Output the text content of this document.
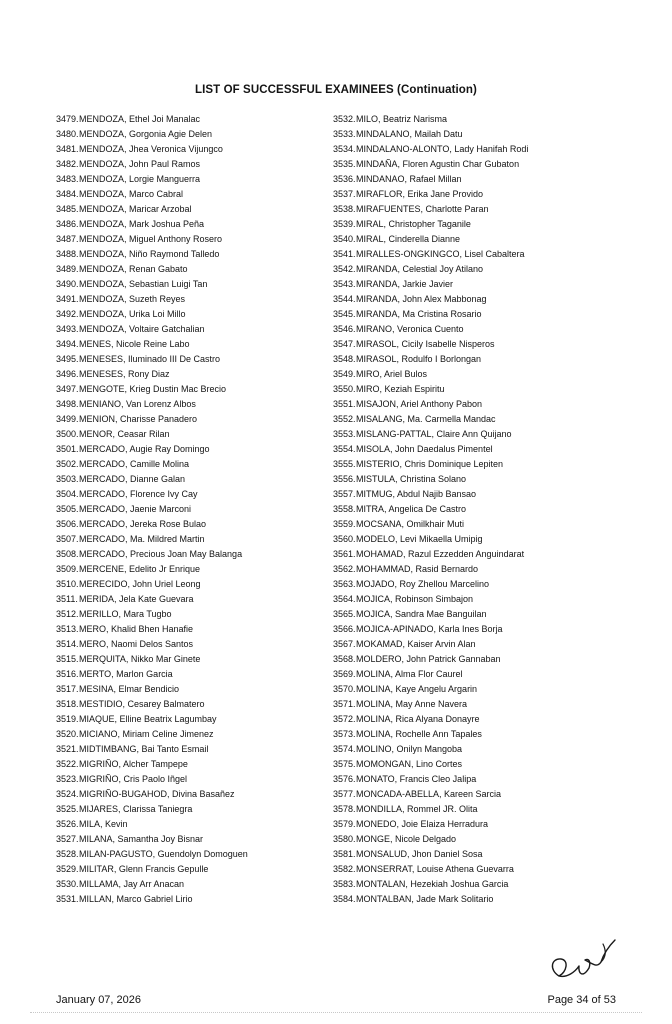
LIST OF SUCCESSFUL EXAMINEES (Continuation)
3479. MENDOZA, Ethel Joi Manalac
3480. MENDOZA, Gorgonia Agie Delen
3481. MENDOZA, Jhea Veronica Vijungco
3482. MENDOZA, John Paul Ramos
3483. MENDOZA, Lorgie Manguerra
3484. MENDOZA, Marco Cabral
3485. MENDOZA, Maricar Arzobal
3486. MENDOZA, Mark Joshua Peña
3487. MENDOZA, Miguel Anthony Rosero
3488. MENDOZA, Niño Raymond Talledo
3489. MENDOZA, Renan Gabato
3490. MENDOZA, Sebastian Luigi Tan
3491. MENDOZA, Suzeth Reyes
3492. MENDOZA, Urika Loi Millo
3493. MENDOZA, Voltaire Gatchalian
3494. MENES, Nicole Reine Labo
3495. MENESES, Iluminado III De Castro
3496. MENESES, Rony Diaz
3497. MENGOTE, Krieg Dustin Mac Brecio
3498. MENIANO, Van Lorenz Albos
3499. MENION, Charisse Panadero
3500. MENOR, Ceasar Rilan
3501. MERCADO, Augie Ray Domingo
3502. MERCADO, Camille Molina
3503. MERCADO, Dianne Galan
3504. MERCADO, Florence Ivy Cay
3505. MERCADO, Jaenie Marconi
3506. MERCADO, Jereka Rose Bulao
3507. MERCADO, Ma. Mildred Martin
3508. MERCADO, Precious Joan May Balanga
3509. MERCENE, Edelito Jr Enrique
3510. MERECIDO, John Uriel Leong
3511. MERIDA, Jela Kate Guevara
3512. MERILLO, Mara Tugbo
3513. MERO, Khalid Bhen Hanafie
3514. MERO, Naomi Delos Santos
3515. MERQUITA, Nikko Mar Ginete
3516. MERTO, Marlon Garcia
3517. MESINA, Elmar Bendicio
3518. MESTIDIO, Cesarey Balmatero
3519. MIAQUE, Elline Beatrix Lagumbay
3520. MICIANO, Miriam Celine Jimenez
3521. MIDTIMBANG, Bai Tanto Esmail
3522. MIGRIÑO, Alcher Tampepe
3523. MIGRIÑO, Cris Paolo Iñgel
3524. MIGRIÑO-BUGAHOD, Divina Basañez
3525. MIJARES, Clarissa Taniegra
3526. MILA, Kevin
3527. MILANA, Samantha Joy Bisnar
3528. MILAN-PAGUSTO, Guendolyn Domoguen
3529. MILITAR, Glenn Francis Gepulle
3530. MILLAMA, Jay Arr Anacan
3531. MILLAN, Marco Gabriel Lirio
3532. MILO, Beatriz Narisma
3533. MINDALANO, Mailah Datu
3534. MINDALANO-ALONTO, Lady Hanifah Rodi
3535. MINDAÑA, Floren Agustin Char Gubaton
3536. MINDANAO, Rafael Millan
3537. MIRAFLOR, Erika Jane Provido
3538. MIRAFUENTES, Charlotte Paran
3539. MIRAL, Christopher Taganile
3540. MIRAL, Cinderella Dianne
3541. MIRALLES-ONGKINGCO, Lisel Cabaltera
3542. MIRANDA, Celestial Joy Atilano
3543. MIRANDA, Jarkie Javier
3544. MIRANDA, John Alex Mabbonag
3545. MIRANDA, Ma Cristina Rosario
3546. MIRANO, Veronica Cuento
3547. MIRASOL, Cicily Isabelle Nisperos
3548. MIRASOL, Rodulfo I Borlongan
3549. MIRO, Ariel Bulos
3550. MIRO, Keziah Espiritu
3551. MISAJON, Ariel Anthony Pabon
3552. MISALANG, Ma. Carmella Mandac
3553. MISLANG-PATTAL, Claire Ann Quijano
3554. MISOLA, John Daedalus Pimentel
3555. MISTERIO, Chris Dominique Lepiten
3556. MISTULA, Christina Solano
3557. MITMUG, Abdul Najib Bansao
3558. MITRA, Angelica De Castro
3559. MOCSANA, Omilkhair Muti
3560. MODELO, Levi Mikaella Umipig
3561. MOHAMAD, Razul Ezzedden Anguindarat
3562. MOHAMMAD, Rasid Bernardo
3563. MOJADO, Roy Zhellou Marcelino
3564. MOJICA, Robinson Simbajon
3565. MOJICA, Sandra Mae Banguilan
3566. MOJICA-APINADO, Karla Ines Borja
3567. MOKAMAD, Kaiser Arvin Alan
3568. MOLDERO, John Patrick Gannaban
3569. MOLINA, Alma Flor Caurel
3570. MOLINA, Kaye Angelu Argarin
3571. MOLINA, May Anne Navera
3572. MOLINA, Rica Alyana Donayre
3573. MOLINA, Rochelle Ann Tapales
3574. MOLINO, Onilyn Mangoba
3575. MOMONGAN, Lino Cortes
3576. MONATO, Francis Cleo Jalipa
3577. MONCADA-ABELLA, Kareen Sarcia
3578. MONDILLA, Rommel JR. Olita
3579. MONEDO, Joie Elaiza Herradura
3580. MONGE, Nicole Delgado
3581. MONSALUD, Jhon Daniel Sosa
3582. MONSERRAT, Louise Athena Guevarra
3583. MONTALAN, Hezekiah Joshua Garcia
3584. MONTALBAN, Jade Mark Solitario
January 07, 2026	Page 34 of 53
